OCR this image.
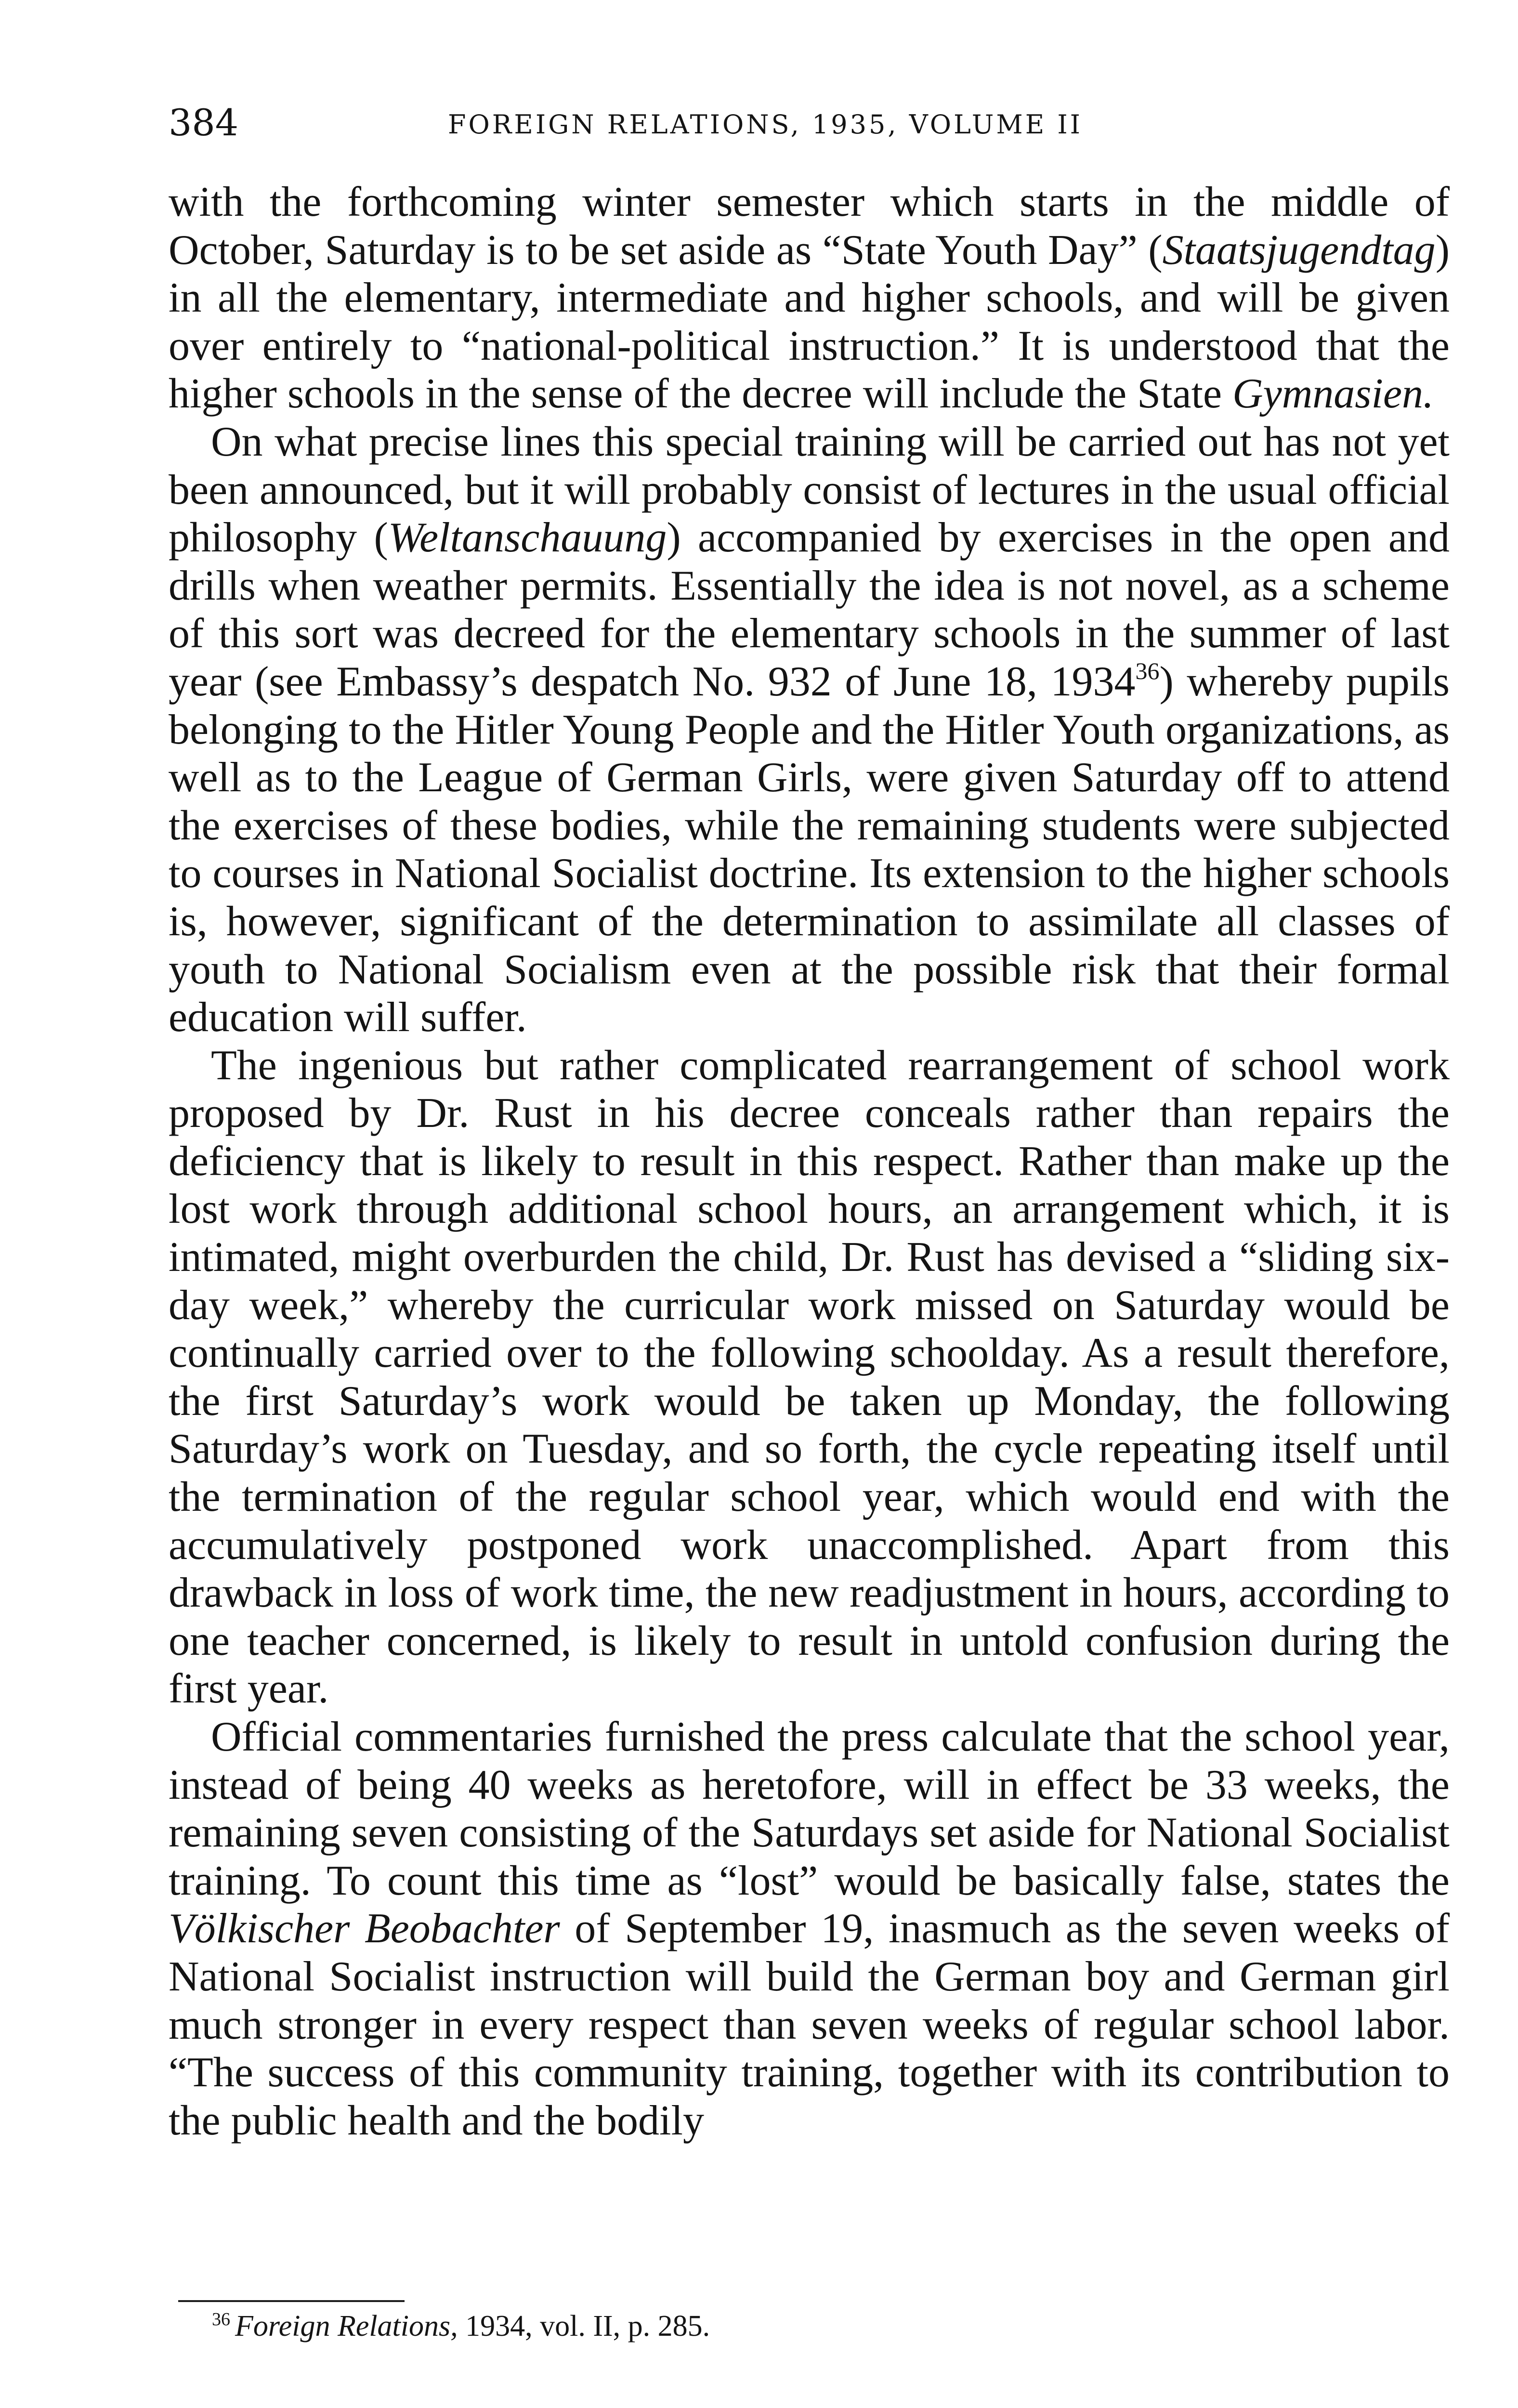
384	FOREIGN RELATIONS, 1935, VOLUME II

with the forthcoming winter semester which starts in the middle of October, Saturday is to be set aside as “State Youth Day” (Staatsjugendtag) in all the elementary, intermediate and higher schools, and will be given over entirely to “national-political instruction.” It is understood that the higher schools in the sense of the decree will include the State Gymnasien.

On what precise lines this special training will be carried out has not yet been announced, but it will probably consist of lectures in the usual official philosophy (Weltanschauung) accompanied by exercises in the open and drills when weather permits. Essentially the idea is not novel, as a scheme of this sort was decreed for the elementary schools in the summer of last year (see Embassy’s despatch No. 932 of June 18, 1934$^{36}$) whereby pupils belonging to the Hitler Young People and the Hitler Youth organizations, as well as to the League of German Girls, were given Saturday off to attend the exercises of these bodies, while the remaining students were subjected to courses in National Socialist doctrine. Its extension to the higher schools is, however, significant of the determination to assimilate all classes of youth to National Socialism even at the possible risk that their formal education will suffer.

The ingenious but rather complicated rearrangement of school work proposed by Dr. Rust in his decree conceals rather than repairs the deficiency that is likely to result in this respect. Rather than make up the lost work through additional school hours, an arrangement which, it is intimated, might overburden the child, Dr. Rust has devised a “sliding six-day week,” whereby the curricular work missed on Saturday would be continually carried over to the following schoolday. As a result therefore, the first Saturday’s work would be taken up Monday, the following Saturday’s work on Tuesday, and so forth, the cycle repeating itself until the termination of the regular school year, which would end with the accumulatively postponed work unaccomplished. Apart from this drawback in loss of work time, the new readjustment in hours, according to one teacher concerned, is likely to result in untold confusion during the first year.

Official commentaries furnished the press calculate that the school year, instead of being 40 weeks as heretofore, will in effect be 33 weeks, the remaining seven consisting of the Saturdays set aside for National Socialist training. To count this time as “lost” would be basically false, states the Völkischer Beobachter of September 19, inasmuch as the seven weeks of National Socialist instruction will build the German boy and German girl much stronger in every respect than seven weeks of regular school labor. “The success of this community training, together with its contribution to the public health and the bodily

$^{36}$ Foreign Relations, 1934, vol. II, p. 285.
